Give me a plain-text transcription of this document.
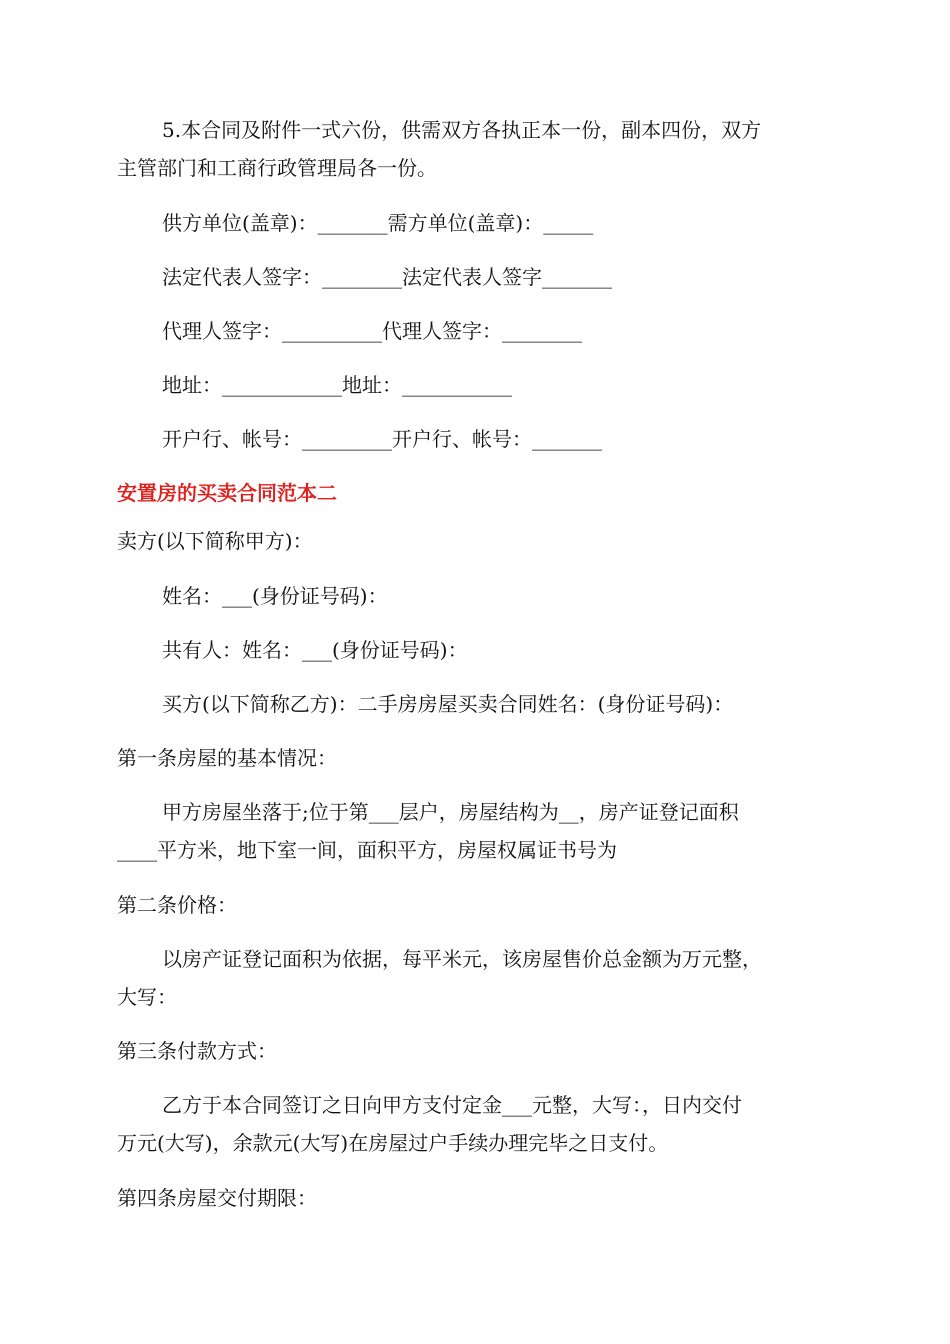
5.本合同及附件一式六份，供需双方各执正本一份，副本四份，双方
主管部门和工商行政管理局各一份。
供方单位(盖章)：_______需方单位(盖章)：_____
法定代表人签字：________法定代表人签字_______
代理人签字：__________代理人签字：________
地址：____________地址：___________
开户行、帐号：_________开户行、帐号：_______
安置房的买卖合同范本二
卖方(以下简称甲方)：
姓名：___(身份证号码)：
共有人：姓名：___(身份证号码)：
买方(以下简称乙方)：二手房房屋买卖合同姓名：(身份证号码)：
第一条房屋的基本情况：
甲方房屋坐落于;位于第___层户，房屋结构为__，房产证登记面积
____平方米，地下室一间，面积平方，房屋权属证书号为
第二条价格：
以房产证登记面积为依据，每平米元，该房屋售价总金额为万元整，
大写：
第三条付款方式：
乙方于本合同签订之日向甲方支付定金___元整，大写：，日内交付
万元(大写)，余款元(大写)在房屋过户手续办理完毕之日支付。
第四条房屋交付期限：
